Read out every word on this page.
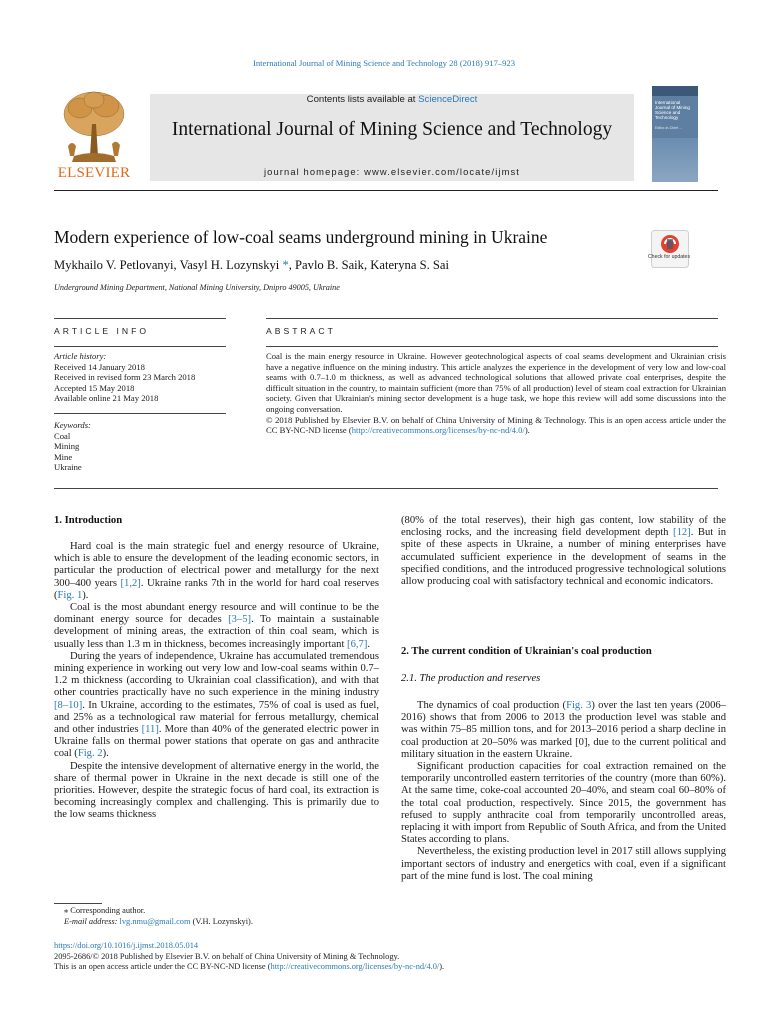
International Journal of Mining Science and Technology 28 (2018) 917–923
ELSEVIER
Contents lists available at ScienceDirect
International Journal of Mining Science and Technology
journal homepage: www.elsevier.com/locate/ijmst
International Journal of Mining Science and Technology
Editor-in-Chief ...
Modern experience of low-coal seams underground mining in Ukraine
Mykhailo V. Petlovanyi, Vasyl H. Lozynskyi *, Pavlo B. Saik, Kateryna S. Sai
Underground Mining Department, National Mining University, Dnipro 49005, Ukraine
Check for updates
ARTICLE INFO
Article history:
Received 14 January 2018
Received in revised form 23 March 2018
Accepted 15 May 2018
Available online 21 May 2018
Keywords:
Coal
Mining
Mine
Ukraine
ABSTRACT
Coal is the main energy resource in Ukraine. However geotechnological aspects of coal seams development and Ukrainian crisis have a negative influence on the mining industry. This article analyzes the experience in the development of very low and low-coal seams with 0.7–1.0 m thickness, as well as advanced technological solutions that allowed private coal enterprises, despite the difficult situation in the country, to maintain sufficient (more than 75% of all production) level of steam coal extraction for Ukrainian society. Given that Ukrainian's mining sector development is a huge task, we hope this review will add some discussions into the ongoing conversation.
© 2018 Published by Elsevier B.V. on behalf of China University of Mining & Technology. This is an open access article under the CC BY-NC-ND license (http://creativecommons.org/licenses/by-nc-nd/4.0/).
1. Introduction

Hard coal is the main strategic fuel and energy resource of Ukraine, which is able to ensure the development of the leading economic sectors, in particular the production of electrical power and metallurgy for the next 300–400 years [1,2]. Ukraine ranks 7th in the world for hard coal reserves (Fig. 1).

Coal is the most abundant energy resource and will continue to be the dominant energy source for decades [3–5]. To maintain a sustainable development of mining areas, the extraction of thin coal seam, which is usually less than 1.3 m in thickness, becomes increasingly important [6,7].

During the years of independence, Ukraine has accumulated tremendous mining experience in working out very low and low-coal seams within 0.7–1.2 m thickness (according to Ukrainian coal classification), and with that other countries practically have no such experience in the mining industry [8–10]. In Ukraine, according to the estimates, 75% of coal is used as fuel, and 25% as a technological raw material for ferrous metallurgy, chemical and other industries [11]. More than 40% of the generated electric power in Ukraine falls on thermal power stations that operate on gas and anthracite coal (Fig. 2).

Despite the intensive development of alternative energy in the world, the share of thermal power in Ukraine in the next decade is still one of the priorities. However, despite the strategic focus of hard coal, its extraction is becoming increasingly complex and challenging. This is primarily due to the low seams thickness

(80% of the total reserves), their high gas content, low stability of the enclosing rocks, and the increasing field development depth [12]. But in spite of these aspects in Ukraine, a number of mining enterprises have accumulated sufficient experience in the development of seams in the specified conditions, and the introduced progressive technological solutions allow producing coal with satisfactory technical and economic indicators.

2. The current condition of Ukrainian's coal production
2.1. The production and reserves

The dynamics of coal production (Fig. 3) over the last ten years (2006–2016) shows that from 2006 to 2013 the production level was stable and was within 75–85 million tons, and for 2013–2016 period a sharp decline in coal production at 20–50% was marked [0], due to the current political and military situation in the eastern Ukraine.

Significant production capacities for coal extraction remained on the temporarily uncontrolled eastern territories of the country (more than 60%). At the same time, coke-coal accounted 20–40%, and steam coal 60–80% of the total coal production, respectively. Since 2015, the government has refused to supply anthracite coal from temporarily uncontrolled areas, replacing it with import from Republic of South Africa, and from the United States according to plans.

Nevertheless, the existing production level in 2017 still allows supplying important sectors of industry and energetics with coal, even if a significant part of the mine fund is lost. The coal mining

⁎ Corresponding author.
E-mail address: lvg.nmu@gmail.com (V.H. Lozynskyi).
https://doi.org/10.1016/j.ijmst.2018.05.014
2095-2686/© 2018 Published by Elsevier B.V. on behalf of China University of Mining & Technology.
This is an open access article under the CC BY-NC-ND license (http://creativecommons.org/licenses/by-nc-nd/4.0/).
